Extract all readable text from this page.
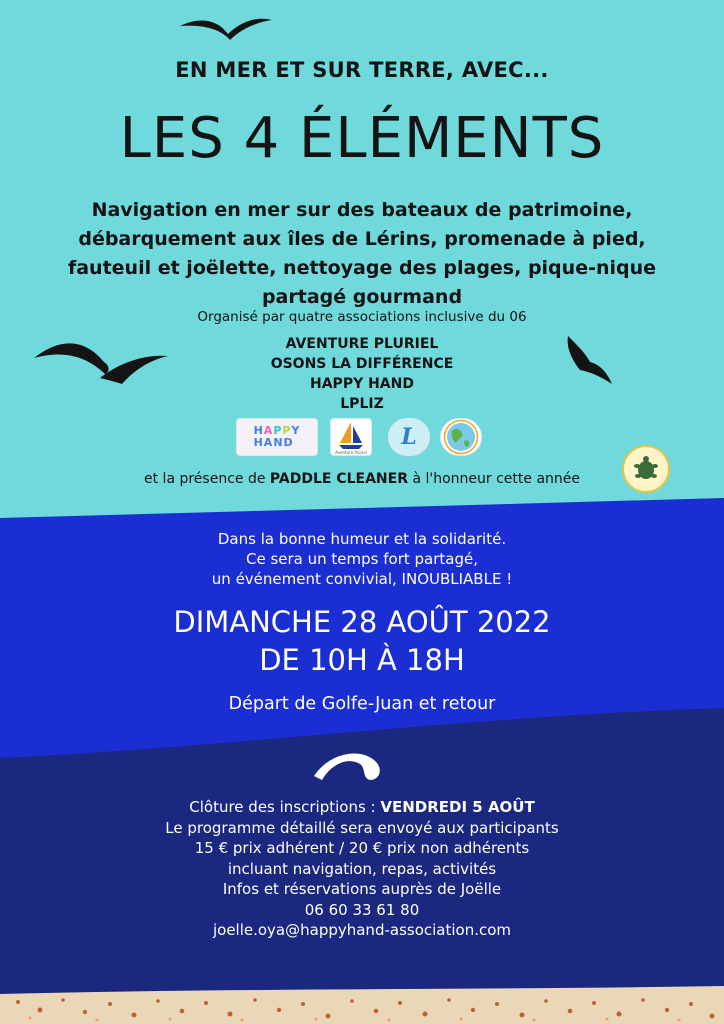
EN MER ET SUR TERRE, AVEC...

LES 4 ÉLÉMENTS
Navigation en mer sur des bateaux de patrimoine,
débarquement aux îles de Lérins, promenade à pied,
fauteuil et joëlette, nettoyage des plages, pique-nique
partagé gourmand

Organisé par quatre associations inclusive du 06

AVENTURE PLURIEL
OSONS LA DIFFÉRENCE
HAPPY HAND
LPLIZ
HAPPY
HAND
Aventure Pluriel
L

et la présence de PADDLE CLEANER à l'honneur cette année

Dans la bonne humeur et la solidarité.
Ce sera un temps fort partagé,
un événement convivial, INOUBLIABLE !
DIMANCHE 28 AOÛT 2022
DE 10H À 18H

Départ de Golfe-Juan et retour

Clôture des inscriptions : VENDREDI 5 AOÛT
Le programme détaillé sera envoyé aux participants
15 € prix adhérent / 20 € prix non adhérents
incluant navigation, repas, activités
Infos et réservations auprès de Joëlle
06 60 33 61 80
joelle.oya@happyhand-association.com
